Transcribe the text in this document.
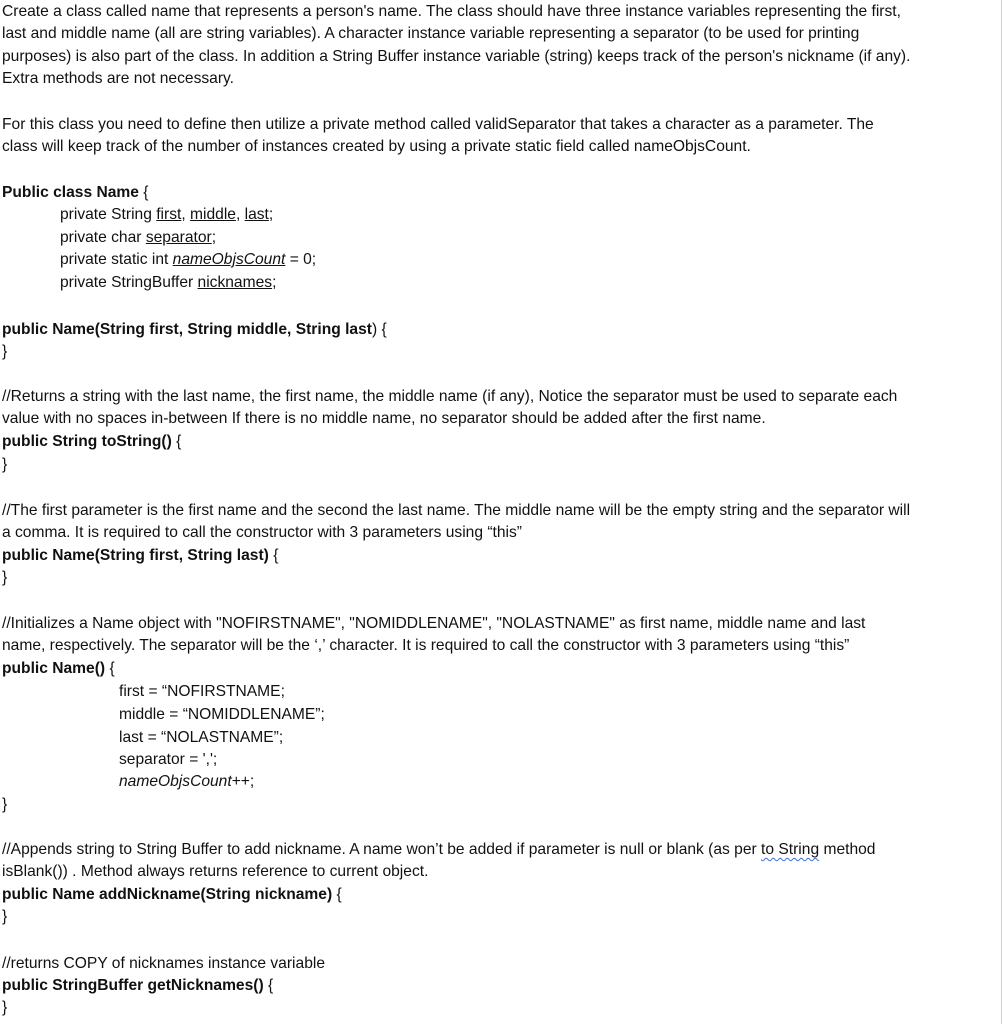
Create a class called name that represents a person's name. The class should have three instance variables representing the first,
last and middle name (all are string variables). A character instance variable representing a separator (to be used for printing
purposes) is also part of the class. In addition a String Buffer instance variable (string) keeps track of the person's nickname (if any).
Extra methods are not necessary.
For this class you need to define then utilize a private method called validSeparator that takes a character as a parameter. The
class will keep track of the number of instances created by using a private static field called nameObjsCount.
Public class Name {
private String first, middle, last;
private char separator;
private static int nameObjsCount = 0;
private StringBuffer nicknames;
public Name(String first, String middle, String last) {
}
//Returns a string with the last name, the first name, the middle name (if any), Notice the separator must be used to separate each
value with no spaces in-between If there is no middle name, no separator should be added after the first name.
public String toString() {
}
//The first parameter is the first name and the second the last name. The middle name will be the empty string and the separator will
a comma. It is required to call the constructor with 3 parameters using “this”
public Name(String first, String last) {
}
//Initializes a Name object with "NOFIRSTNAME", "NOMIDDLENAME", "NOLASTNAME" as first name, middle name and last
name, respectively. The separator will be the ‘,’ character. It is required to call the constructor with 3 parameters using “this”
public Name() {
first = “NOFIRSTNAME;
middle = “NOMIDDLENAME”;
last = “NOLASTNAME”;
separator = ',';
nameObjsCount++;
}
//Appends string to String Buffer to add nickname. A name won’t be added if parameter is null or blank (as per to String method
isBlank()) . Method always returns reference to current object.
public Name addNickname(String nickname) {
}
//returns COPY of nicknames instance variable
public StringBuffer getNicknames() {
}
